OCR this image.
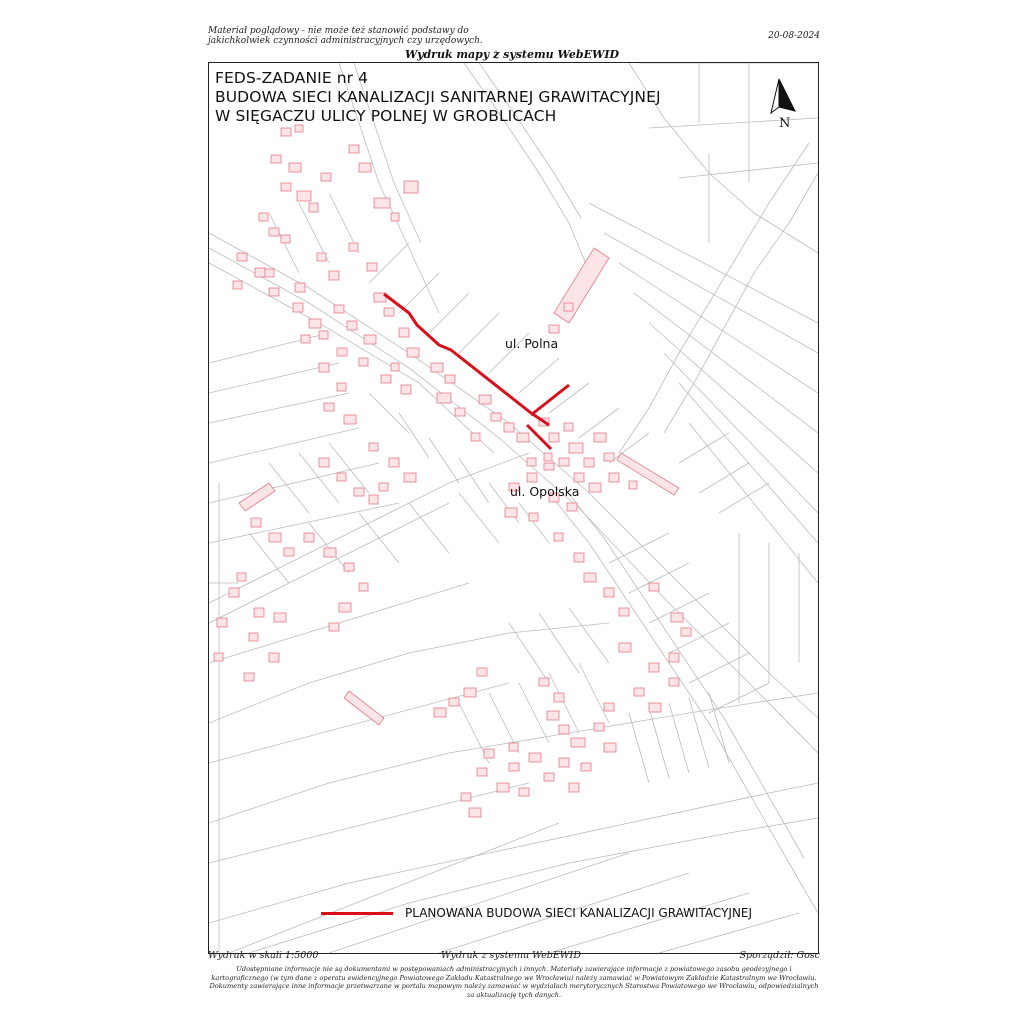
Materiał poglądowy - nie może też stanowić podstawy do
jakichkolwiek czynności administracyjnych czy urzędowych.	20-08-2024
Wydruk mapy z systemu WebEWID
FEDS-ZADANIE nr 4
BUDOWA SIECI KANALIZACJI SANITARNEJ GRAWITACYJNEJ
W SIĘGACZU ULICY POLNEJ W GROBLICACH	N
ul. Polna
ul. Opolska
PLANOWANA BUDOWA SIECI KANALIZACJI GRAWITACYJNEJ
Wydruk w skali 1:5000	Wydruk z systemu WebEWID	Sporządził: Gosc
Udostępniane informacje nie są dokumentami w postępowaniach administracyjnych i innych. Materiały zawierające informacje z powiatowego zasobu geodezyjnego i
kartograficznego (w tym dane z operatu ewidencyjnego Powiatowego Zakładu Katastralnego we Wrocławiu) należy zamawiać w Powiatowym Zakładzie Katastralnym we Wrocławiu.
Dokumenty zawierające inne informacje przetwarzane w portalu mapowym należy zamawiać w wydziałach merytorycznych Starostwa Powiatowego we Wrocławiu, odpowiedzialnych
za aktualizację tych danych.
